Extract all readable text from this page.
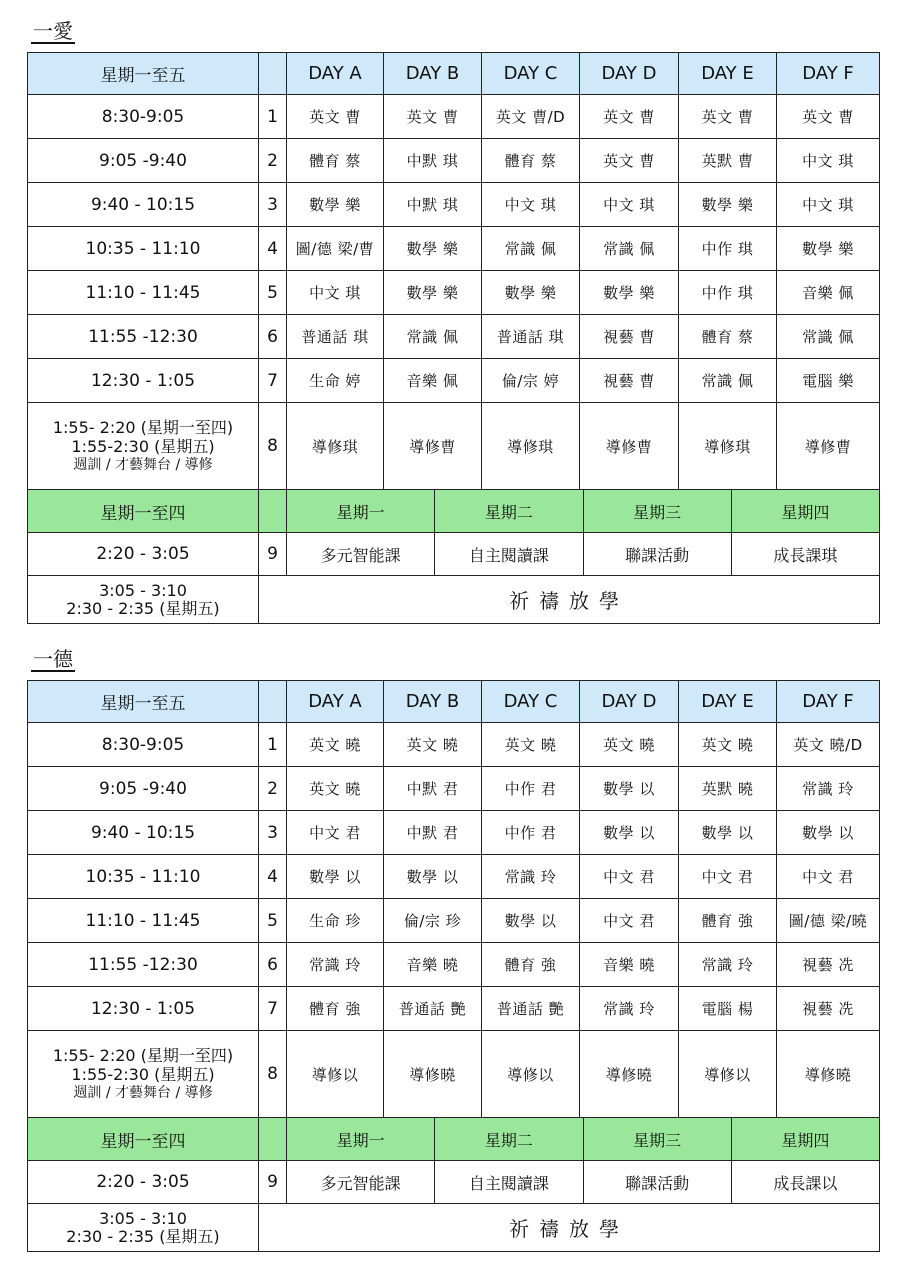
一愛
星期一至五		DAY A	DAY B	DAY C	DAY D	DAY E	DAY F
8:30-9:05	1	英文 曹	英文 曹	英文 曹/D	英文 曹	英文 曹	英文 曹
9:05 -9:40	2	體育 蔡	中默 琪	體育 蔡	英文 曹	英默 曹	中文 琪
9:40 - 10:15	3	數學 樂	中默 琪	中文 琪	中文 琪	數學 樂	中文 琪
10:35 - 11:10	4	圖/德 梁/曹	數學 樂	常識 佩	常識 佩	中作 琪	數學 樂
11:10 - 11:45	5	中文 琪	數學 樂	數學 樂	數學 樂	中作 琪	音樂 佩
11:55 -12:30	6	普通話 琪	常識 佩	普通話 琪	視藝 曹	體育 蔡	常識 佩
12:30 - 1:05	7	生命 婷	音樂 佩	倫/宗 婷	視藝 曹	常識 佩	電腦 樂

1:55- 2:20 (星期一至四)
1:55-2:30 (星期五)
週訓 / 才藝舞台 / 導修	8	導修琪	導修曹	導修琪	導修曹	導修琪	導修曹
星期一至四		星期一 星期二 星期三 星期四					

2:20 - 3:05	9	多元智能課 自主閱讀課 聯課活動 成長課琪					

3:05 - 3:10
2:30 - 2:35 (星期五)	祈禱放學						
一德
星期一至五		DAY A	DAY B	DAY C	DAY D	DAY E	DAY F
8:30-9:05	1	英文 曉	英文 曉	英文 曉	英文 曉	英文 曉	英文 曉/D
9:05 -9:40	2	英文 曉	中默 君	中作 君	數學 以	英默 曉	常識 玲
9:40 - 10:15	3	中文 君	中默 君	中作 君	數學 以	數學 以	數學 以
10:35 - 11:10	4	數學 以	數學 以	常識 玲	中文 君	中文 君	中文 君
11:10 - 11:45	5	生命 珍	倫/宗 珍	數學 以	中文 君	體育 強	圖/德 梁/曉
11:55 -12:30	6	常識 玲	音樂 曉	體育 強	音樂 曉	常識 玲	視藝 冼
12:30 - 1:05	7	體育 強	普通話 艷	普通話 艷	常識 玲	電腦 楊	視藝 冼

1:55- 2:20 (星期一至四)
1:55-2:30 (星期五)
週訓 / 才藝舞台 / 導修	8	導修以	導修曉	導修以	導修曉	導修以	導修曉
星期一至四		星期一 星期二 星期三 星期四					

2:20 - 3:05	9	多元智能課 自主閱讀課 聯課活動 成長課以					

3:05 - 3:10
2:30 - 2:35 (星期五)	祈禱放學						
